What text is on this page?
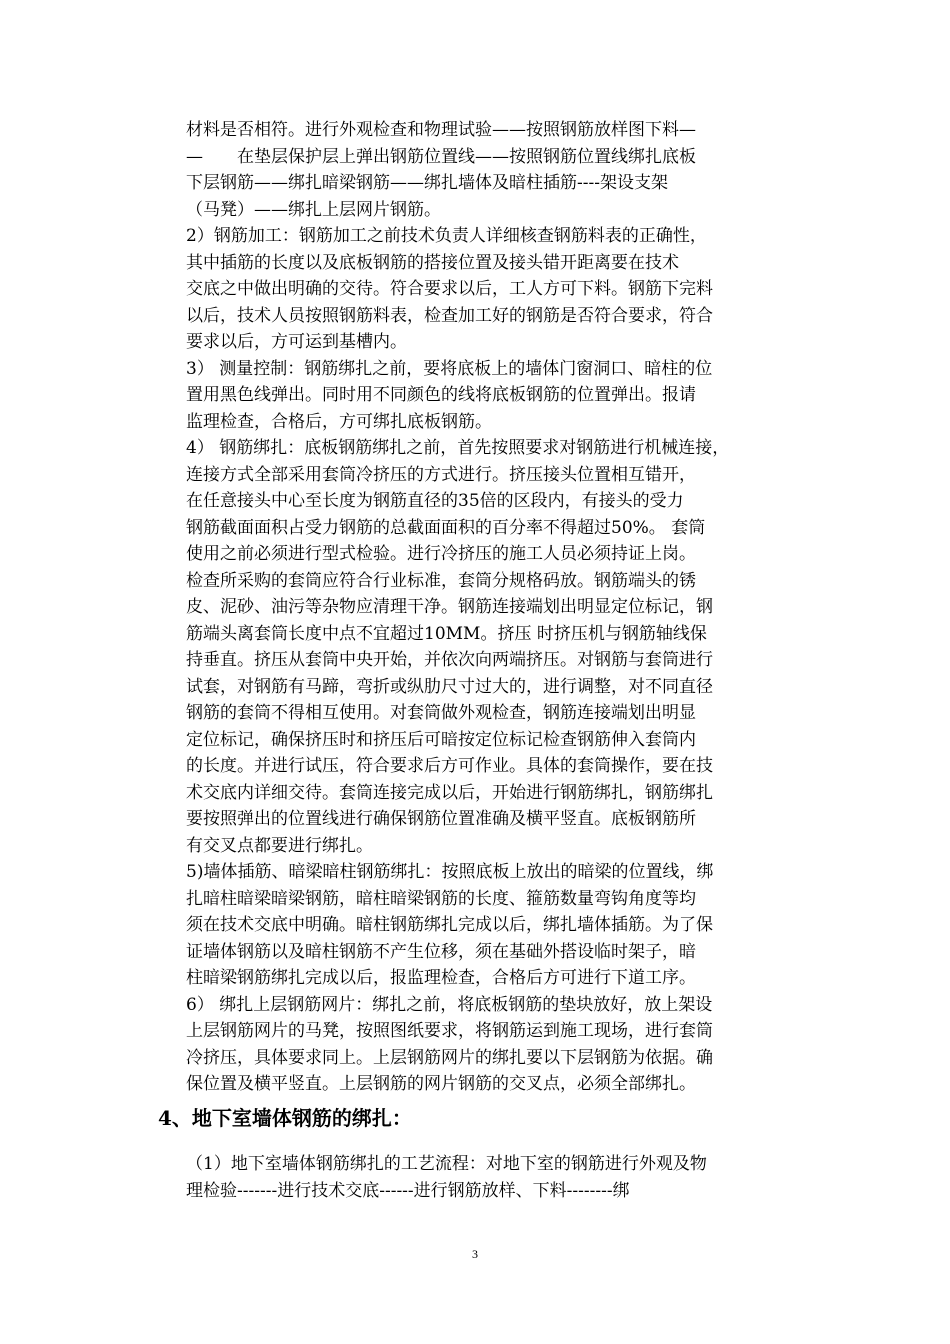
材料是否相符。进行外观检查和物理试验——按照钢筋放样图下料—
—　　在垫层保护层上弹出钢筋位置线——按照钢筋位置线绑扎底板
下层钢筋——绑扎暗梁钢筋——绑扎墙体及暗柱插筋----架设支架
（马凳）——绑扎上层网片钢筋。
2）钢筋加工：钢筋加工之前技术负责人详细核查钢筋料表的正确性，
其中插筋的长度以及底板钢筋的搭接位置及接头错开距离要在技术
交底之中做出明确的交待。符合要求以后，工人方可下料。钢筋下完料
以后，技术人员按照钢筋料表，检查加工好的钢筋是否符合要求，符合
要求以后，方可运到基槽内。
3） 测量控制：钢筋绑扎之前，要将底板上的墙体门窗洞口、暗柱的位
置用黑色线弹出。同时用不同颜色的线将底板钢筋的位置弹出。报请
监理检查，合格后，方可绑扎底板钢筋。
4） 钢筋绑扎：底板钢筋绑扎之前，首先按照要求对钢筋进行机械连接，
连接方式全部采用套筒冷挤压的方式进行。挤压接头位置相互错开，
在任意接头中心至长度为钢筋直径的35倍的区段内，有接头的受力
钢筋截面面积占受力钢筋的总截面面积的百分率不得超过50%。 套筒
使用之前必须进行型式检验。进行冷挤压的施工人员必须持证上岗。
检查所采购的套筒应符合行业标准，套筒分规格码放。钢筋端头的锈
皮、泥砂、油污等杂物应清理干净。钢筋连接端划出明显定位标记，钢
筋端头离套筒长度中点不宜超过10MM。挤压 时挤压机与钢筋轴线保
持垂直。挤压从套筒中央开始，并依次向两端挤压。对钢筋与套筒进行
试套，对钢筋有马蹄，弯折或纵肋尺寸过大的，进行调整，对不同直径
钢筋的套筒不得相互使用。对套筒做外观检查，钢筋连接端划出明显
定位标记，确保挤压时和挤压后可暗按定位标记检查钢筋伸入套筒内
的长度。并进行试压，符合要求后方可作业。具体的套筒操作，要在技
术交底内详细交待。套筒连接完成以后，开始进行钢筋绑扎，钢筋绑扎
要按照弹出的位置线进行确保钢筋位置准确及横平竖直。底板钢筋所
有交叉点都要进行绑扎。
5)墙体插筋、暗梁暗柱钢筋绑扎：按照底板上放出的暗梁的位置线，绑
扎暗柱暗梁暗梁钢筋，暗柱暗梁钢筋的长度、箍筋数量弯钩角度等均
须在技术交底中明确。暗柱钢筋绑扎完成以后，绑扎墙体插筋。为了保
证墙体钢筋以及暗柱钢筋不产生位移，须在基础外搭设临时架子，暗
柱暗梁钢筋绑扎完成以后，报监理检查，合格后方可进行下道工序。
6） 绑扎上层钢筋网片：绑扎之前，将底板钢筋的垫块放好，放上架设
上层钢筋网片的马凳，按照图纸要求，将钢筋运到施工现场，进行套筒
冷挤压，具体要求同上。上层钢筋网片的绑扎要以下层钢筋为依据。确
保位置及横平竖直。上层钢筋的网片钢筋的交叉点，必须全部绑扎。
4、地下室墙体钢筋的绑扎：
（1）地下室墙体钢筋绑扎的工艺流程：对地下室的钢筋进行外观及物
理检验-------进行技术交底------进行钢筋放样、下料--------绑
3
